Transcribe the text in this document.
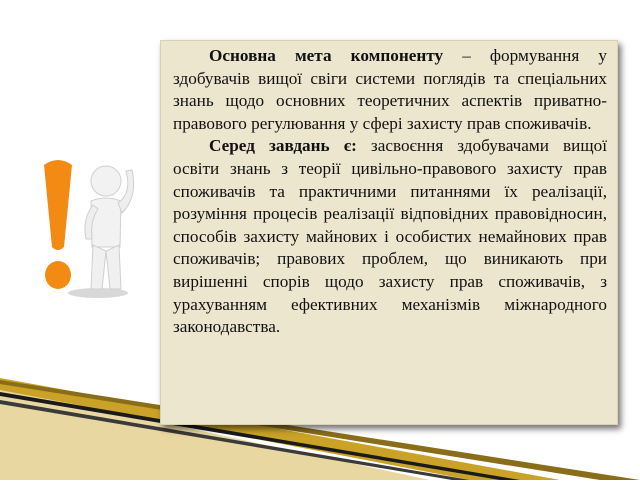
Основна мета компоненту – формування у здобувачів вищої свіги системи поглядів та спеціальних знань щодо основних теоретичних аспектів приватно-правового регулювання у сфері захисту прав споживачів.

Серед завдань є: засвоєння здобувачами вищої освіти знань з теорії цивільно-правового захисту прав споживачів та практичними питаннями їх реалізації, розуміння процесів реалізації відповідних правовідносин, способів захисту майнових і особистих немайнових прав споживачів; правових проблем, що виникають при вирішенні спорів щодо захисту прав споживачів, з урахуванням ефективних механізмів міжнародного законодавства.
